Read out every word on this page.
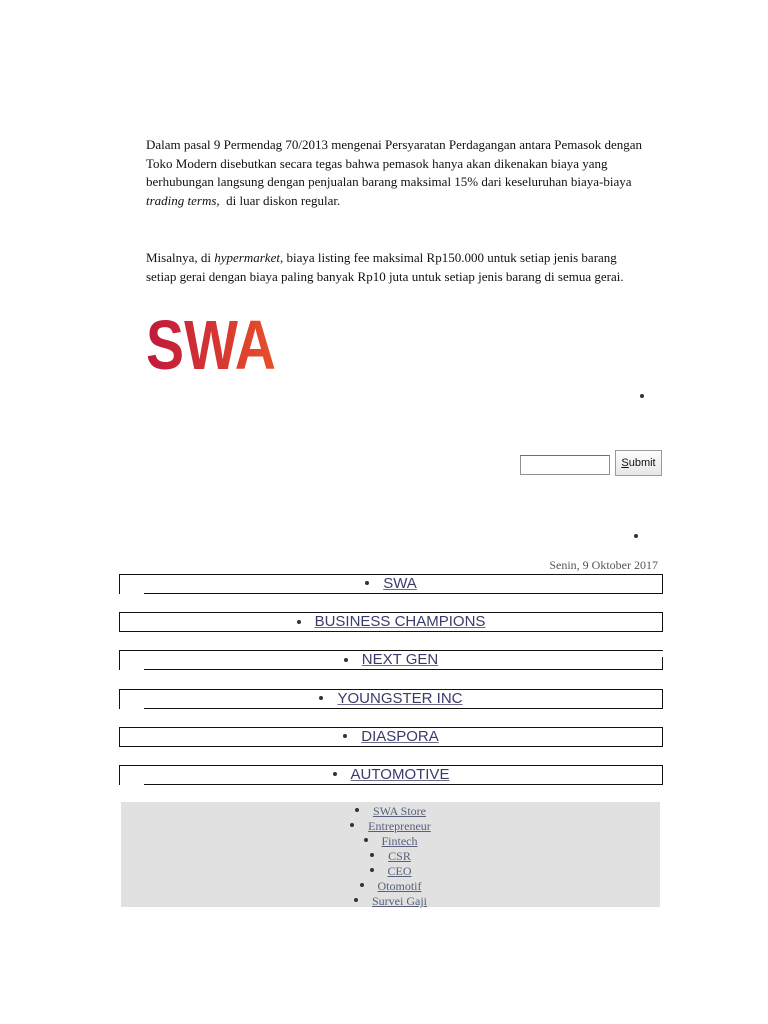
Dalam pasal 9 Permendag 70/2013 mengenai Persyaratan Perdagangan antara Pemasok dengan Toko Modern disebutkan secara tegas bahwa pemasok hanya akan dikenakan biaya yang berhubungan langsung dengan penjualan barang maksimal 15% dari keseluruhan biaya-biaya trading terms,  di luar diskon regular.

Misalnya, di hypermarket, biaya listing fee maksimal Rp150.000 untuk setiap jenis barang setiap gerai dengan biaya paling banyak Rp10 juta untuk setiap jenis barang di semua gerai.

SWA
Submit
Senin, 9 Oktober 2017
SWA
BUSINESS CHAMPIONS
NEXT GEN
YOUNGSTER INC
DIASPORA
AUTOMOTIVE
SWA Store
Entrepreneur
Fintech
CSR
CEO
Otomotif
Survei Gaji
